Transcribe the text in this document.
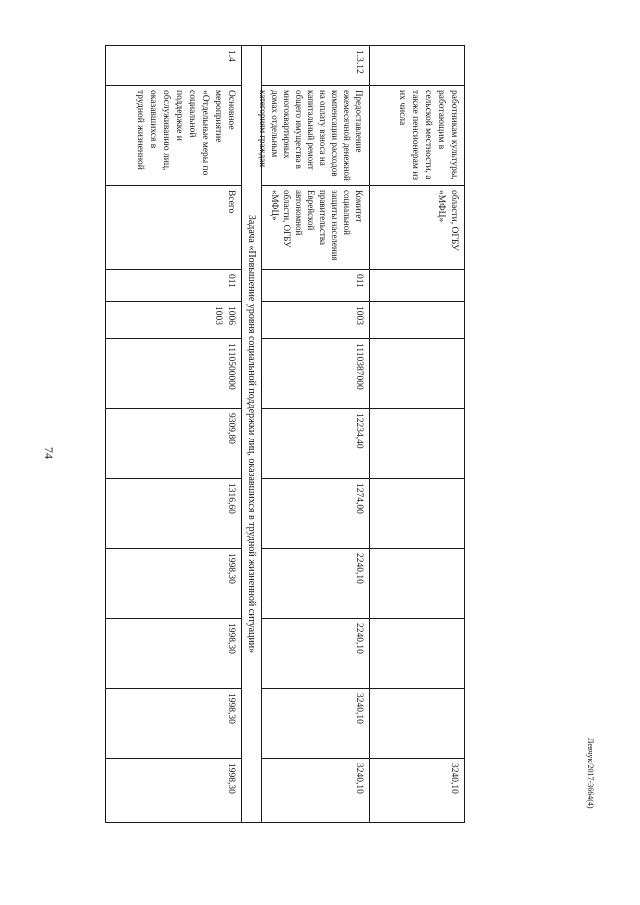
74
работникам культуры, работающим в сельской местности, а также пенсионерам из их числа
области, ОГБУ «МФЦ»
3240,10
1.3.12
Предоставление ежемесячной денежной компенсации расходов на оплату взноса на капитальный ремонт общего имущества в многоквартирных домах отдельным категориям граждан
Комитет социальной защиты населения правительства Еврейской автономной области, ОГБУ «МФЦ»
011
1003
1110387000
12234,40
1274,00
2240,10
2240,10
3240,10
3240,10
Задача «Повышение уровня социальной поддержки лиц, оказавшихся в трудной жизненной ситуации»
1.4
Основное мероприятие «Отдельные меры по социальной поддержке и обслуживанию лиц, оказавшихся в трудной жизненной
Всего
011
1006 1003
1110500000
9309,80
1316,60
1998,30
1998,30
1998,30
1998,30	Левчук/2017-3664(4)
